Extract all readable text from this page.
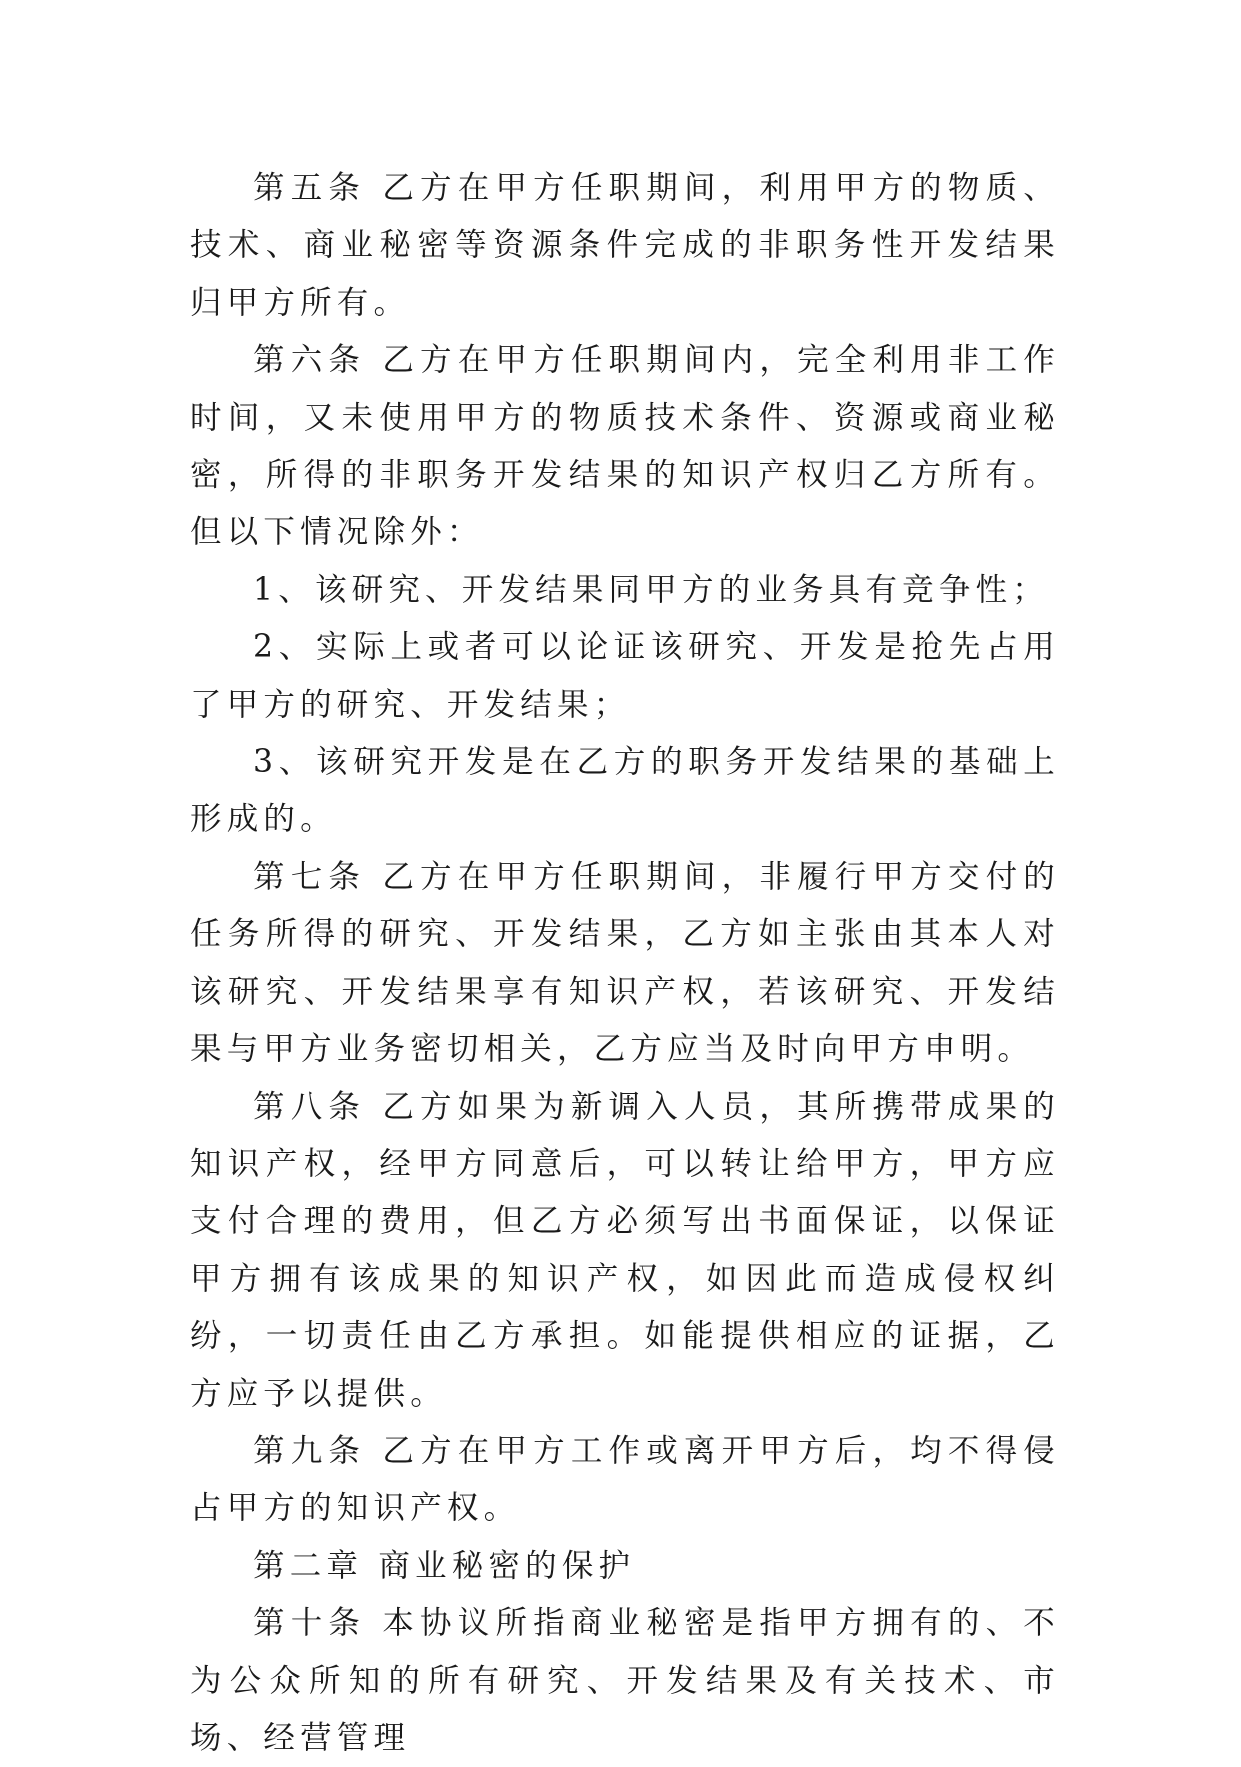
第五条 乙方在甲方任职期间，利用甲方的物质、技术、商业秘密等资源条件完成的非职务性开发结果归甲方所有。

第六条 乙方在甲方任职期间内，完全利用非工作时间，又未使用甲方的物质技术条件、资源或商业秘密，所得的非职务开发结果的知识产权归乙方所有。但以下情况除外：

1、该研究、开发结果同甲方的业务具有竞争性；

2、实际上或者可以论证该研究、开发是抢先占用了甲方的研究、开发结果；

3、该研究开发是在乙方的职务开发结果的基础上形成的。

第七条 乙方在甲方任职期间，非履行甲方交付的任务所得的研究、开发结果，乙方如主张由其本人对该研究、开发结果享有知识产权，若该研究、开发结果与甲方业务密切相关，乙方应当及时向甲方申明。

第八条 乙方如果为新调入人员，其所携带成果的知识产权，经甲方同意后，可以转让给甲方，甲方应支付合理的费用，但乙方必须写出书面保证，以保证甲方拥有该成果的知识产权，如因此而造成侵权纠纷，一切责任由乙方承担。如能提供相应的证据，乙方应予以提供。

第九条 乙方在甲方工作或离开甲方后，均不得侵占甲方的知识产权。

第二章 商业秘密的保护

第十条 本协议所指商业秘密是指甲方拥有的、不为公众所知的所有研究、开发结果及有关技术、市场、经营管理
